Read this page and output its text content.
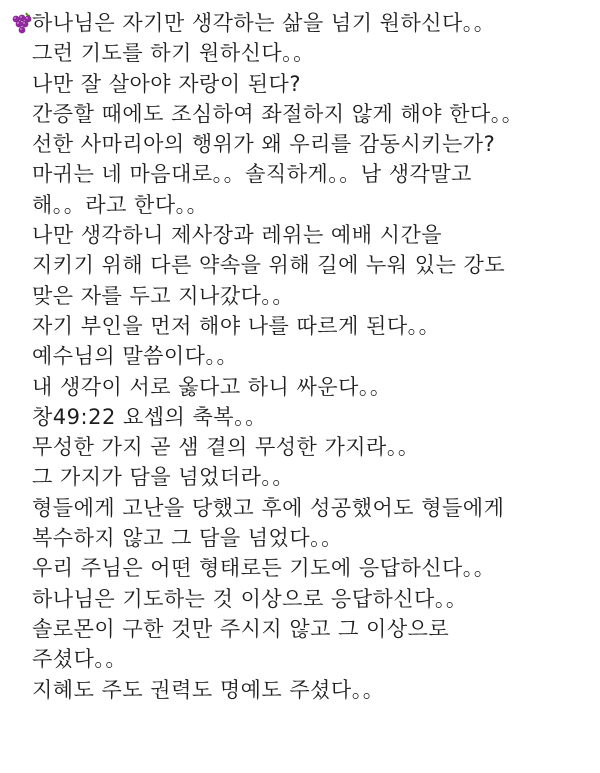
하나님은 자기만 생각하는 삶을 넘기 원하신다。。
그런 기도를 하기 원하신다。。
나만 잘 살아야 자랑이 된다?
간증할 때에도 조심하여 좌절하지 않게 해야 한다。。
선한 사마리아의 행위가 왜 우리를 감동시키는가?
마귀는 네 마음대로。。솔직하게。。남 생각말고
해。。라고 한다。。
나만 생각하니 제사장과 레위는 예배 시간을
지키기 위해 다른 약속을 위해 길에 누워 있는 강도
맞은 자를 두고 지나갔다。。
자기 부인을 먼저 해야 나를 따르게 된다。。
예수님의 말씀이다。。
내 생각이 서로 옳다고 하니 싸운다。。
창49:22 요셉의 축복。。
무성한 가지 곧 샘 곁의 무성한 가지라。。
그 가지가 담을 넘었더라。。
형들에게 고난을 당했고 후에 성공했어도 형들에게
복수하지 않고 그 담을 넘었다。。
우리 주님은 어떤 형태로든 기도에 응답하신다。。
하나님은 기도하는 것 이상으로 응답하신다。。
솔로몬이 구한 것만 주시지 않고 그 이상으로
주셨다。。
지혜도 주도 권력도 명예도 주셨다。。
